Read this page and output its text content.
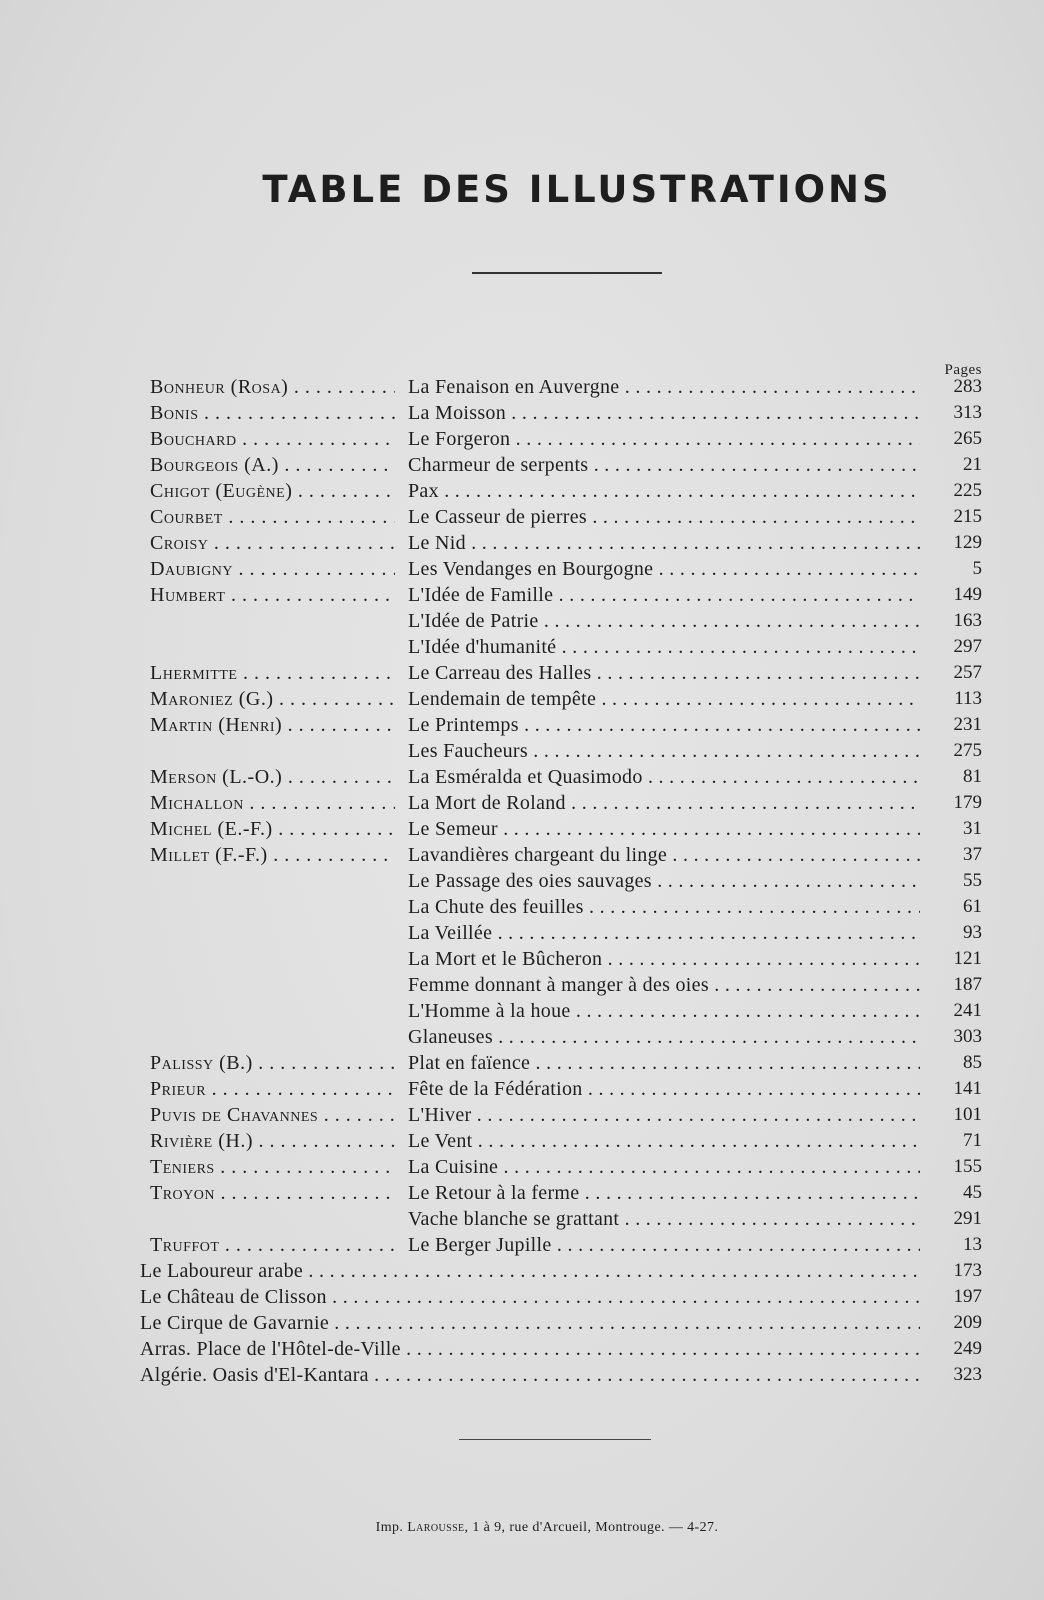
TABLE DES ILLUSTRATIONS
Pages
Bonheur (Rosa) . . .	La Fenaison en Auvergne . . .	283
Bonis . . .	La Moisson . . .	313
Bouchard . . .	Le Forgeron . . .	265
Bourgeois (A.) . . .	Charmeur de serpents . . .	21
Chigot (Eugène) . . .	Pax . . .	225
Courbet . . .	Le Casseur de pierres . . .	215
Croisy . . .	Le Nid . . .	129
Daubigny . . .	Les Vendanges en Bourgogne . . .	5
Humbert . . .	L'Idée de Famille . . .	149
L'Idée de Patrie . . .	163
L'Idée d'humanité . . .	297
Lhermitte . . .	Le Carreau des Halles . . .	257
Maroniez (G.) . . .	Lendemain de tempête . . .	113
Martin (Henri) . . .	Le Printemps . . .	231
Les Faucheurs . . .	275
Merson (L.-O.) . . .	La Esméralda et Quasimodo . . .	81
Michallon . . .	La Mort de Roland . . .	179
Michel (E.-F.) . . .	Le Semeur . . .	31
Millet (F.-F.) . . .	Lavandières chargeant du linge . . .	37
Le Passage des oies sauvages . . .	55
La Chute des feuilles . . .	61
La Veillée . . .	93
La Mort et le Bûcheron . . .	121
Femme donnant à manger à des oies . . .	187
L'Homme à la houe . . .	241
Glaneuses . . .	303
Palissy (B.) . . .	Plat en faïence . . .	85
Prieur . . .	Fête de la Fédération . . .	141
Puvis de Chavannes . . .	L'Hiver . . .	101
Rivière (H.) . . .	Le Vent . . .	71
Teniers . . .	La Cuisine . . .	155
Troyon . . .	Le Retour à la ferme . . .	45
Vache blanche se grattant . . .	291
Truffot . . .	Le Berger Jupille . . .	13
Le Laboureur arabe . . .	173
Le Château de Clisson . . .	197
Le Cirque de Gavarnie . . .	209
Arras. Place de l'Hôtel-de-Ville . . .	249
Algérie. Oasis d'El-Kantara . . .	323
Imp. Larousse, 1 à 9, rue d'Arcueil, Montrouge. — 4-27.
